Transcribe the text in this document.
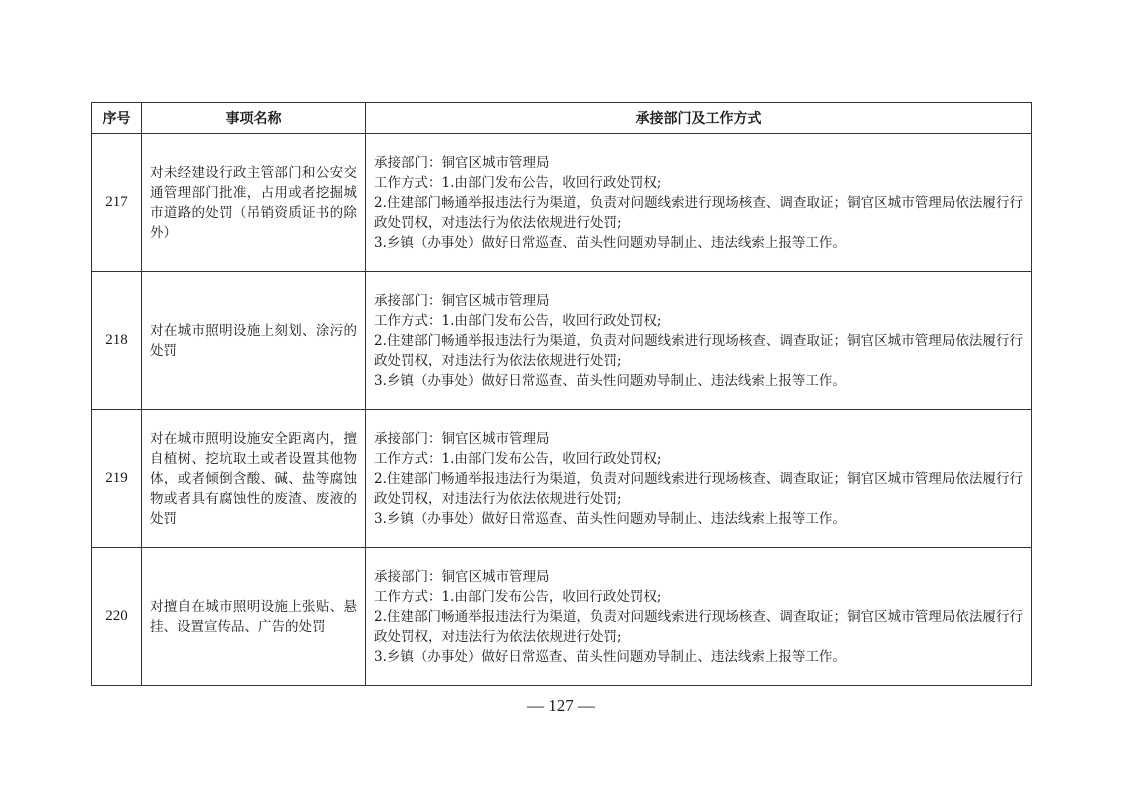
序号	事项名称	承接部门及工作方式
217	对未经建设行政主管部门和公安交通管理部门批准，占用或者挖掘城市道路的处罚（吊销资质证书的除外）	承接部门：铜官区城市管理局
工作方式：1.由部门发布公告，收回行政处罚权;
2.住建部门畅通举报违法行为渠道，负责对问题线索进行现场核查、调查取证；铜官区城市管理局依法履行行政处罚权，对违法行为依法依规进行处罚;
3.乡镇（办事处）做好日常巡查、苗头性问题劝导制止、违法线索上报等工作。

218	对在城市照明设施上刻划、涂污的处罚	承接部门：铜官区城市管理局
工作方式：1.由部门发布公告，收回行政处罚权;
2.住建部门畅通举报违法行为渠道，负责对问题线索进行现场核查、调查取证；铜官区城市管理局依法履行行政处罚权，对违法行为依法依规进行处罚;
3.乡镇（办事处）做好日常巡查、苗头性问题劝导制止、违法线索上报等工作。

219	对在城市照明设施安全距离内，擅自植树、挖坑取土或者设置其他物体，或者倾倒含酸、碱、盐等腐蚀物或者具有腐蚀性的废渣、废液的处罚	承接部门：铜官区城市管理局
工作方式：1.由部门发布公告，收回行政处罚权;
2.住建部门畅通举报违法行为渠道，负责对问题线索进行现场核查、调查取证；铜官区城市管理局依法履行行政处罚权，对违法行为依法依规进行处罚;
3.乡镇（办事处）做好日常巡查、苗头性问题劝导制止、违法线索上报等工作。

220	对擅自在城市照明设施上张贴、悬挂、设置宣传品、广告的处罚	承接部门：铜官区城市管理局
工作方式：1.由部门发布公告，收回行政处罚权;
2.住建部门畅通举报违法行为渠道，负责对问题线索进行现场核查、调查取证；铜官区城市管理局依法履行行政处罚权，对违法行为依法依规进行处罚;
3.乡镇（办事处）做好日常巡查、苗头性问题劝导制止、违法线索上报等工作。
— 127 —
